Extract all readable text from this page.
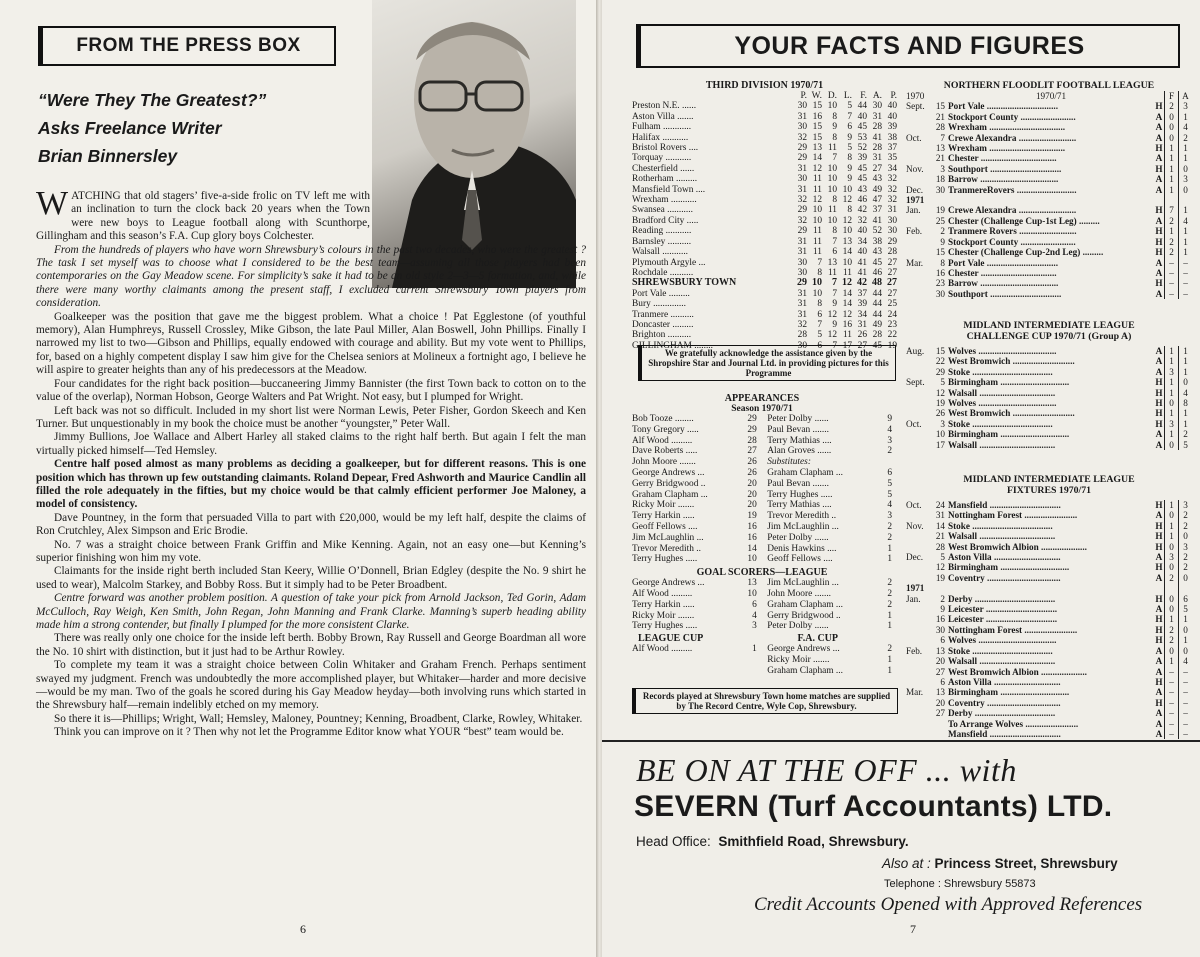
FROM THE PRESS BOX
“Were They The Greatest?”
Asks Freelance Writer
Brian Binnersley

WATCHING that old stagers’ five-a-side frolic on TV left me with an inclination to turn the clock back 20 years when the Town were new boys to League football along with Scunthorpe, Gillingham and this season’s F.A. Cup glory boys Colchester.

From the hundreds of players who have worn Shrewsbury’s colours in the past two decades, who were the greatest ? The task I set myself was to choose what I considered to be the best team—assuming all those players had been contemporaries on the Gay Meadow scene. For simplicity’s sake it had to be an old style 2—3—5 formation, and, while there were many worthy claimants among the present staff, I excluded current Shrewsbury Town players from consideration.

Goalkeeper was the position that gave me the biggest problem. What a choice ! Pat Egglestone (of youthful memory), Alan Humphreys, Russell Crossley, Mike Gibson, the late Paul Miller, Alan Boswell, John Phillips. Finally I narrowed my list to two—Gibson and Phillips, equally endowed with courage and ability. But my vote went to Phillips, for, based on a highly competent display I saw him give for the Chelsea seniors at Molineux a fortnight ago, I believe he will aspire to greater heights than any of his predecessors at the Meadow.

Four candidates for the right back position—buccaneering Jimmy Bannister (the first Town back to cotton on to the value of the overlap), Norman Hobson, George Walters and Pat Wright. Not easy, but I plumped for Wright.

Left back was not so difficult. Included in my short list were Norman Lewis, Peter Fisher, Gordon Skeech and Ken Turner. But unquestionably in my book the choice must be another “youngster,” Peter Wall.

Jimmy Bullions, Joe Wallace and Albert Harley all staked claims to the right half berth. But again I felt the man virtually picked himself—Ted Hemsley.

Centre half posed almost as many problems as deciding a goalkeeper, but for different reasons. This is one position which has thrown up few outstanding claimants. Roland Depear, Fred Ashworth and Maurice Candlin all filled the role adequately in the fifties, but my choice would be that calmly efficient performer Joe Maloney, a model of consistency.

Dave Pountney, in the form that persuaded Villa to part with £20,000, would be my left half, despite the claims of Ron Crutchley, Alex Simpson and Eric Brodie.

No. 7 was a straight choice between Frank Griffin and Mike Kenning. Again, not an easy one—but Kenning’s superior finishing won him my vote.

Claimants for the inside right berth included Stan Keery, Willie O’Donnell, Brian Edgley (despite the No. 9 shirt he used to wear), Malcolm Starkey, and Bobby Ross. But it simply had to be Peter Broadbent.

Centre forward was another problem position. A question of take your pick from Arnold Jackson, Ted Gorin, Adam McCulloch, Ray Weigh, Ken Smith, John Regan, John Manning and Frank Clarke. Manning’s superb heading ability made him a strong contender, but finally I plumped for the more consistent Clarke.

There was really only one choice for the inside left berth. Bobby Brown, Ray Russell and George Boardman all wore the No. 10 shirt with distinction, but it just had to be Arthur Rowley.

To complete my team it was a straight choice between Colin Whitaker and Graham French. Perhaps sentiment swayed my judgment. French was undoubtedly the more accomplished player, but Whitaker—harder and more decisive—would be my man. Two of the goals he scored during his Gay Meadow heyday—both involving runs which started in the Shrewsbury half—remain indelibly etched on my memory.

So there it is—Phillips; Wright, Wall; Hemsley, Maloney, Pountney; Kenning, Broadbent, Clarke, Rowley, Whitaker.

Think you can improve on it ? Then why not let the Programme Editor know what YOUR “best” team would be.

6
YOUR FACTS AND FIGURES
THIRD DIVISION 1970/71
	P.	W.	D.	L.	F.	A.	P.
Preston N.E. ......	30	15	10	5	44	30	40
Aston Villa .......	31	16	8	7	40	31	40
Fulham ............	30	15	9	6	45	28	39
Halifax ...........	32	15	8	9	53	41	38
Bristol Rovers ....	29	13	11	5	52	28	37
Torquay ...........	29	14	7	8	39	31	35
Chesterfield ......	31	12	10	9	45	27	34
Rotherham .........	30	11	10	9	45	43	32
Mansfield Town ....	31	11	10	10	43	49	32
Wrexham ...........	32	12	8	12	46	47	32
Swansea ...........	29	10	11	8	42	37	31
Bradford City .....	32	10	10	12	32	41	30
Reading ...........	29	11	8	10	40	52	30
Barnsley ..........	31	11	7	13	34	38	29
Walsall ...........	31	11	6	14	40	43	28
Plymouth Argyle ...	30	7	13	10	41	45	27
Rochdale ..........	30	8	11	11	41	46	27
SHREWSBURY TOWN	29	10	7	12	42	48	27
Port Vale .........	31	10	7	14	37	44	27
Bury ..............	31	8	9	14	39	44	25
Tranmere ..........	31	6	12	12	34	44	24
Doncaster .........	32	7	9	16	31	49	23
Brighton ..........	28	5	12	11	26	28	22
GILLINGHAM ........	30	6	7	17	27	45	19
We gratefully acknowledge the assistance given by the Shropshire Star and Journal Ltd. in providing pictures for this Programme
APPEARANCES
Season 1970/71
Bob Tooze ........	29
Tony Gregory .....	29
Alf Wood .........	28
Dave Roberts .....	27
John Moore .......	26
George Andrews ...	26
Gerry Bridgwood ..	20
Graham Clapham ...	20
Ricky Moir .......	20
Terry Harkin .....	19
Geoff Fellows ....	16
Jim McLaughlin ...	16
Trevor Meredith ..	14
Terry Hughes .....	10
Peter Dolby ......	9
Paul Bevan .......	4
Terry Mathias ....	3
Alan Groves ......	2
Substitutes:
Graham Clapham ...	6
Paul Bevan .......	5
Terry Hughes .....	5
Terry Mathias ....	4
Trevor Meredith ..	3
Jim McLaughlin ...	2
Peter Dolby ......	2
Denis Hawkins ....	1
Geoff Fellows ....	1
GOAL SCORERS—LEAGUE
George Andrews ...	13
Alf Wood .........	10
Terry Harkin .....	6
Ricky Moir .......	4
Terry Hughes .....	3
Jim McLaughlin ...	2
John Moore .......	2
Graham Clapham ...	2
Gerry Bridgwood ..	1
Peter Dolby ......	1
LEAGUE CUP	F.A. CUP
Alf Wood .........	1 George Andrews ...	2
Ricky Moir .......	1
Graham Clapham ...	1
Records played at Shrewsbury Town home matches are supplied by The Record Centre, Wyle Cop, Shrewsbury.
NORTHERN FLOODLIT FOOTBALL LEAGUE
1970	1970/71	F A
Sept.	15 Port Vale ...............................	H 2	3
21 Stockport County ........................	A 0	1
28 Wrexham .................................	A 0	4
Oct.	7 Crewe Alexandra .........................	A 0	2
13 Wrexham .................................	H 1	1
21 Chester .................................	A 1	1
Nov.	3 Southport ...............................	H 1	0
18 Barrow ..................................	A 1	3
Dec.	30 TranmereRovers ..........................	A 1	0
1971
Jan.	19 Crewe Alexandra .........................	H 7	1
25 Chester (Challenge Cup-1st Leg) .........	A 2	4
Feb.	2 Tranmere Rovers .........................	H 1	1
9 Stockport County ........................	H 2	1
15 Chester (Challenge Cup-2nd Leg) .........	H 2	1
Mar.	8 Port Vale ...............................	A –	–
16 Chester .................................	A –	–
23 Barrow ..................................	H –	–
30 Southport ...............................	A –	–
MIDLAND INTERMEDIATE LEAGUE
CHALLENGE CUP 1970/71 (Group A)
Aug.	15 Wolves ..................................	A 1	1
22 West Bromwich ...........................	A 1	1
29 Stoke ...................................	A 3	1
Sept.	5 Birmingham ..............................	H 1	0
12 Walsall .................................	H 1	4
19 Wolves ..................................	H 0	8
26 West Bromwich ...........................	H 1	1
Oct.	3 Stoke ...................................	H 3	1
10 Birmingham ..............................	A 1	2
17 Walsall .................................	A 0	5
MIDLAND INTERMEDIATE LEAGUE
FIXTURES 1970/71
Oct.	24 Mansfield ...............................	H 1	3
31 Nottingham Forest .......................	A 0	2
Nov.	14 Stoke ...................................	H 1	2
21 Walsall .................................	H 1	0
28 West Bromwich Albion ....................	H 0	3
Dec.	5 Aston Villa .............................	A 3	2
12 Birmingham ..............................	H 0	2
19 Coventry ................................	A 2	0
1971
Jan.	2 Derby ...................................	H 0	6
9 Leicester ...............................	A 0	5
16 Leicester ...............................	H 1	1
30 Nottingham Forest .......................	H 2	0
6 Wolves ..................................	H 2	1
Feb.	13 Stoke ...................................	A 0	0
20 Walsall .................................	A 1	4
27 West Bromwich Albion ....................	A –	–
6 Aston Villa .............................	H –	–
Mar.	13 Birmingham ..............................	A –	–
20 Coventry ................................	H –	–
27 Derby ...................................	A –	–
To Arrange Wolves .......................	A –	–
Mansfield ...............................	A –	–
BE ON AT THE OFF ... with
SEVERN (Turf Accountants) LTD.
Head Office: Smithfield Road, Shrewsbury.
Also at : Princess Street, Shrewsbury
Telephone : Shrewsbury 55873
Credit Accounts Opened with Approved References
7
